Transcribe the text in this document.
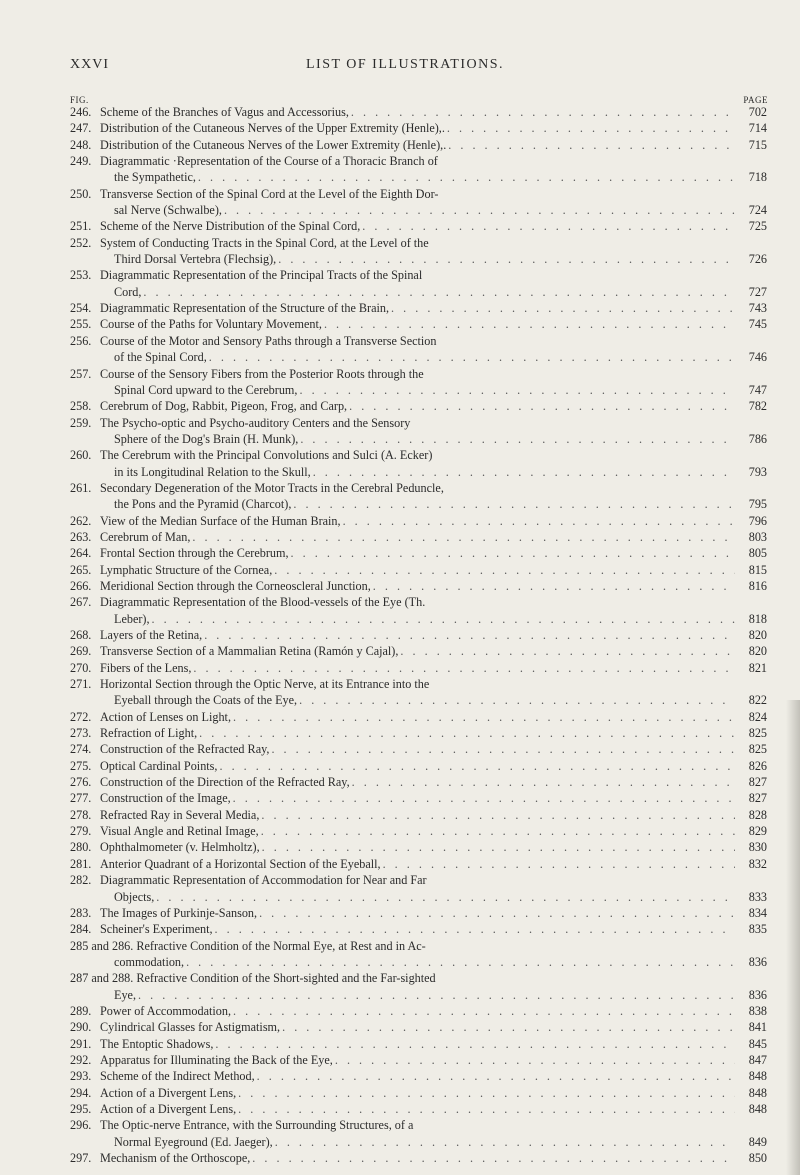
XXVI	LIST OF ILLUSTRATIONS.
FIG.	PAGE
246. Scheme of the Branches of Vagus and Accessorius, . . .	702
247. Distribution of the Cutaneous Nerves of the Upper Extremity (Henle),. . . .	714
248. Distribution of the Cutaneous Nerves of the Lower Extremity (Henle),. . . .	715
249. Diagrammatic ·Representation of the Course of a Thoracic Branch of
the Sympathetic, . . .	718
250. Transverse Section of the Spinal Cord at the Level of the Eighth Dor-
sal Nerve (Schwalbe), . . .	724
251. Scheme of the Nerve Distribution of the Spinal Cord, . . .	725
252. System of Conducting Tracts in the Spinal Cord, at the Level of the
Third Dorsal Vertebra (Flechsig), . . .	726
253. Diagrammatic Representation of the Principal Tracts of the Spinal
Cord, . . .	727
254. Diagrammatic Representation of the Structure of the Brain, . . .	743
255. Course of the Paths for Voluntary Movement, . . .	745
256. Course of the Motor and Sensory Paths through a Transverse Section
of the Spinal Cord, . . .	746
257. Course of the Sensory Fibers from the Posterior Roots through the
Spinal Cord upward to the Cerebrum, . . .	747
258. Cerebrum of Dog, Rabbit, Pigeon, Frog, and Carp, . . .	782
259. The Psycho-optic and Psycho-auditory Centers and the Sensory
Sphere of the Dog's Brain (H. Munk), . . .	786
260. The Cerebrum with the Principal Convolutions and Sulci (A. Ecker)
in its Longitudinal Relation to the Skull, . . .	793
261. Secondary Degeneration of the Motor Tracts in the Cerebral Peduncle,
the Pons and the Pyramid (Charcot), . . .	795
262. View of the Median Surface of the Human Brain, . . .	796
263. Cerebrum of Man, . . .	803
264. Frontal Section through the Cerebrum, . . .	805
265. Lymphatic Structure of the Cornea, . . .	815
266. Meridional Section through the Corneoscleral Junction, . . .	816
267. Diagrammatic Representation of the Blood-vessels of the Eye (Th.
Leber), . . .	818
268. Layers of the Retina, . . .	820
269. Transverse Section of a Mammalian Retina (Ramón y Cajal), . . .	820
270. Fibers of the Lens, . . .	821
271. Horizontal Section through the Optic Nerve, at its Entrance into the
Eyeball through the Coats of the Eye, . . .	822
272. Action of Lenses on Light, . . .	824
273. Refraction of Light, . . .	825
274. Construction of the Refracted Ray, . . .	825
275. Optical Cardinal Points, . . .	826
276. Construction of the Direction of the Refracted Ray, . . .	827
277. Construction of the Image, . . .	827
278. Refracted Ray in Several Media, . . .	828
279. Visual Angle and Retinal Image, . . .	829
280. Ophthalmometer (v. Helmholtz), . . .	830
281. Anterior Quadrant of a Horizontal Section of the Eyeball, . . .	832
282. Diagrammatic Representation of Accommodation for Near and Far
Objects, . . .	833
283. The Images of Purkinje-Sanson, . . .	834
284. Scheiner's Experiment, . . .	835
285 and 286. Refractive Condition of the Normal Eye, at Rest and in Ac-
commodation, . . .	836
287 and 288. Refractive Condition of the Short-sighted and the Far-sighted
Eye, . . .	836
289. Power of Accommodation, . . .	838
290. Cylindrical Glasses for Astigmatism, . . .	841
291. The Entoptic Shadows, . . .	845
292. Apparatus for Illuminating the Back of the Eye, . . .	847
293. Scheme of the Indirect Method, . . .	848
294. Action of a Divergent Lens, . . .	848
295. Action of a Divergent Lens, . . .	848
296. The Optic-nerve Entrance, with the Surrounding Structures, of a
Normal Eyeground (Ed. Jaeger), . . .	849
297. Mechanism of the Orthoscope, . . .	850
